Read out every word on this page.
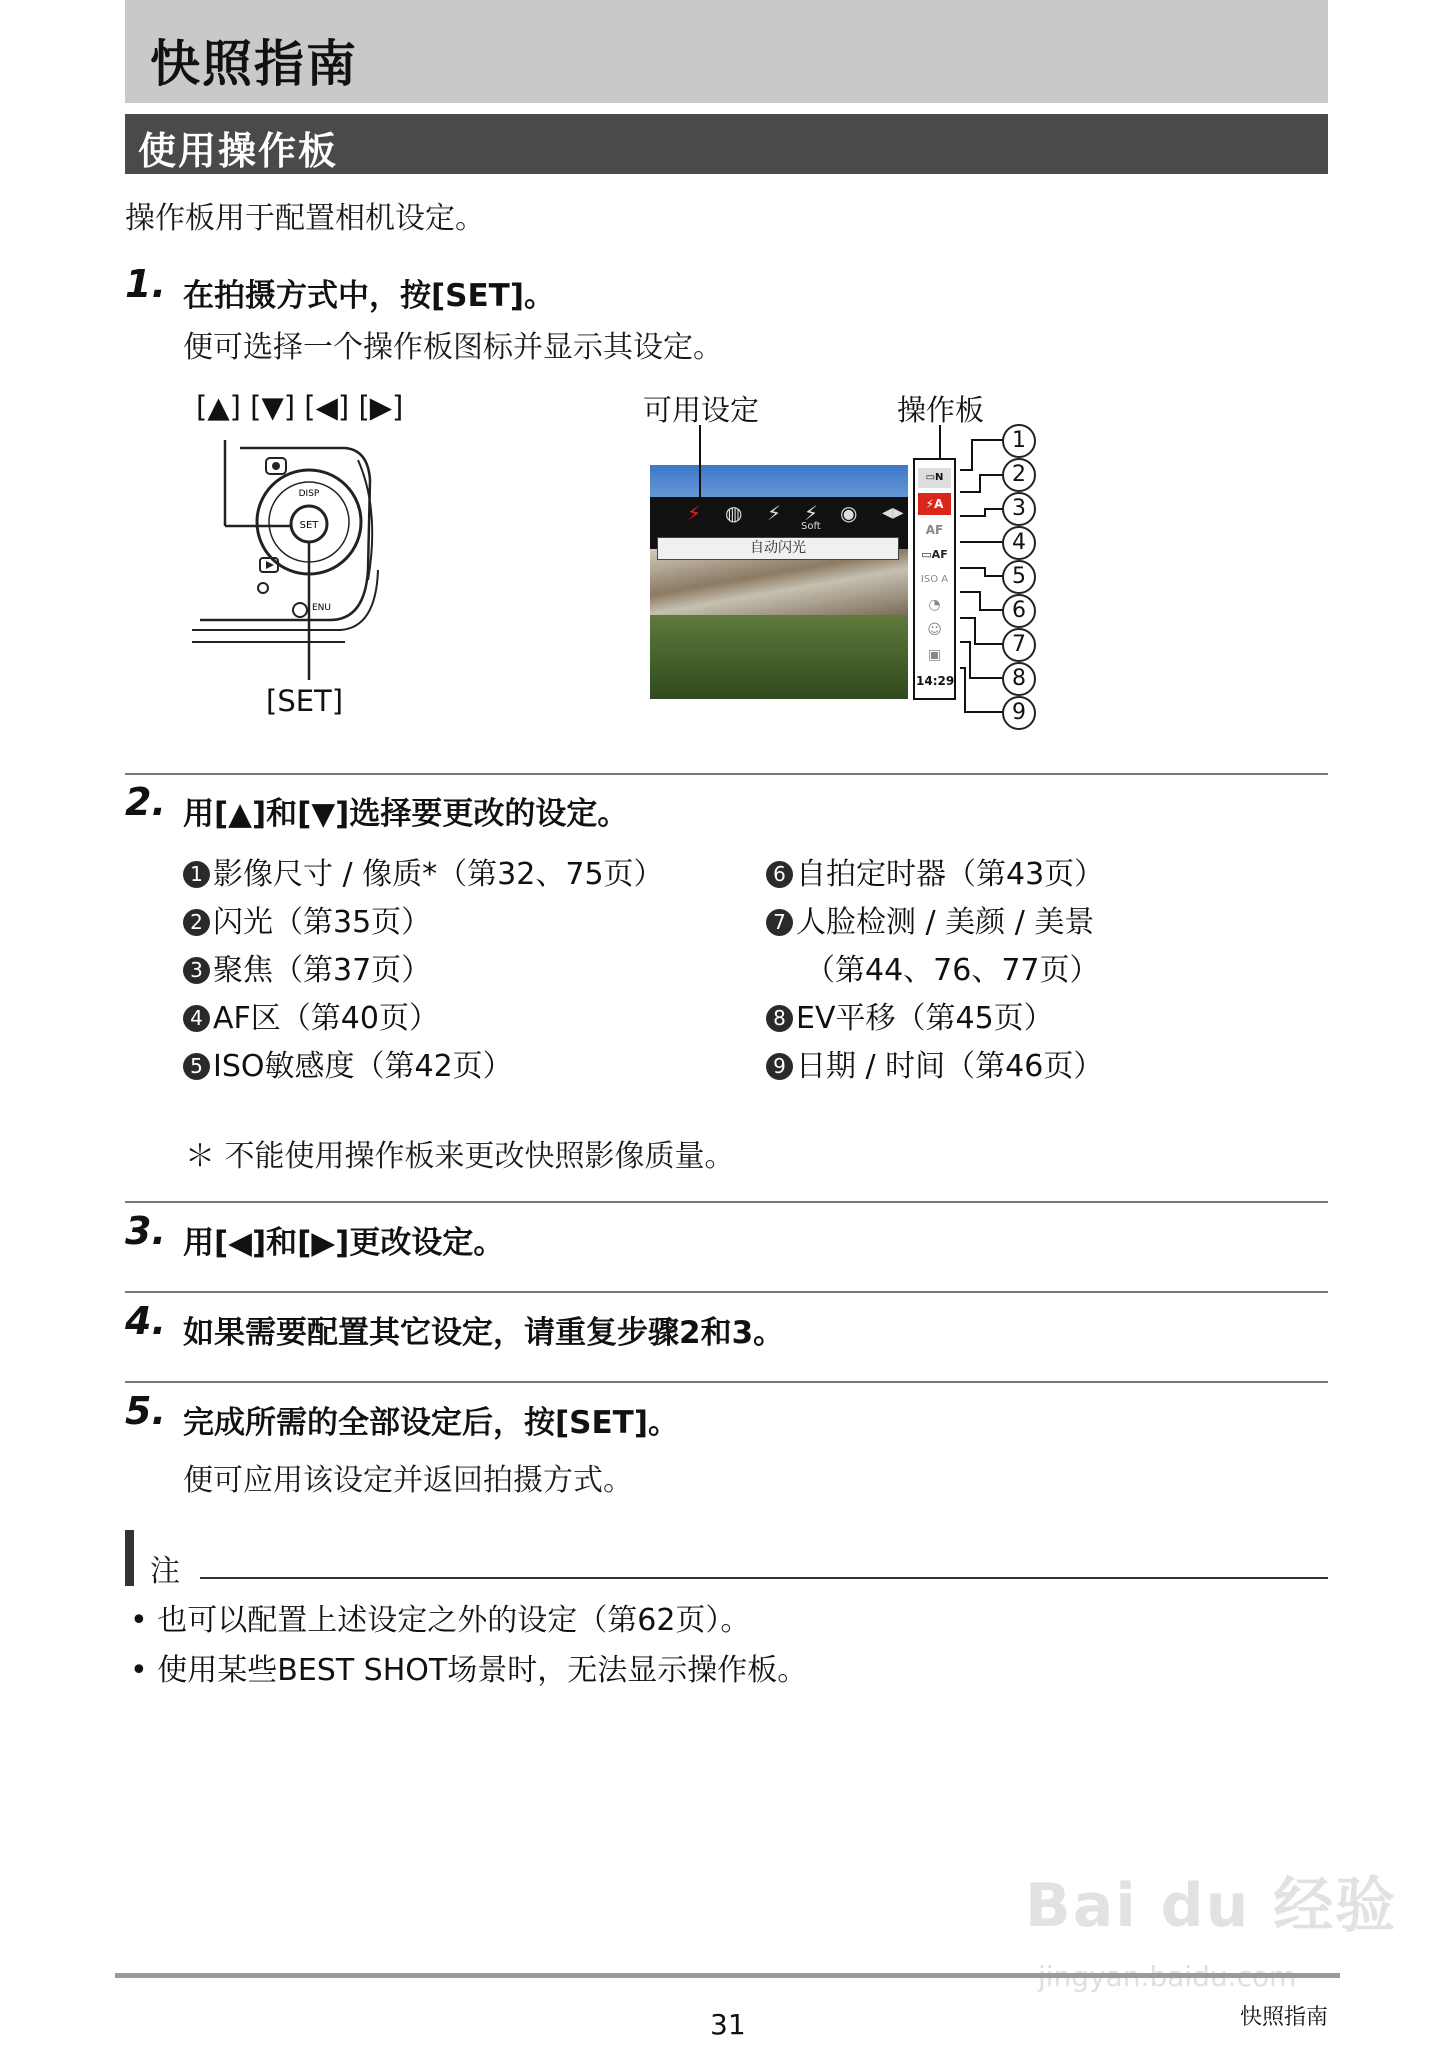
快照指南
使用操作板
操作板用于配置相机设定。
1. 在拍摄方式中，按[SET]。
便可选择一个操作板图标并显示其设定。
[▲] [▼] [◀] [▶]
[SET]
可用设定	操作板
SET
DISP
ENU
⚡ ◍ ⚡ ⚡
Soft
◉ ◀▶
自动闪光
▭N
⚡A
AF
▭AF
ISO A
◔
☺
▣
14:29
1
2
3
4
5
6
7
8
9
2. 用[▲]和[▼]选择要更改的设定。
1 影像尺寸 / 像质*（第32、75页）
2 闪光（第35页）
3 聚焦（第37页）
4 AF区（第40页）
5 ISO敏感度（第42页）
6 自拍定时器（第43页）
7 人脸检测 / 美颜 / 美景
（第44、76、77页）
8 EV平移（第45页）
9 日期 / 时间（第46页）
＊ 不能使用操作板来更改快照影像质量。
3. 用[◀]和[▶]更改设定。
4. 如果需要配置其它设定，请重复步骤2和3。
5. 完成所需的全部设定后，按[SET]。
便可应用该设定并返回拍摄方式。
注
• 也可以配置上述设定之外的设定（第62页）。
• 使用某些BEST SHOT场景时，无法显示操作板。
Bai du 经验
31	快照指南
